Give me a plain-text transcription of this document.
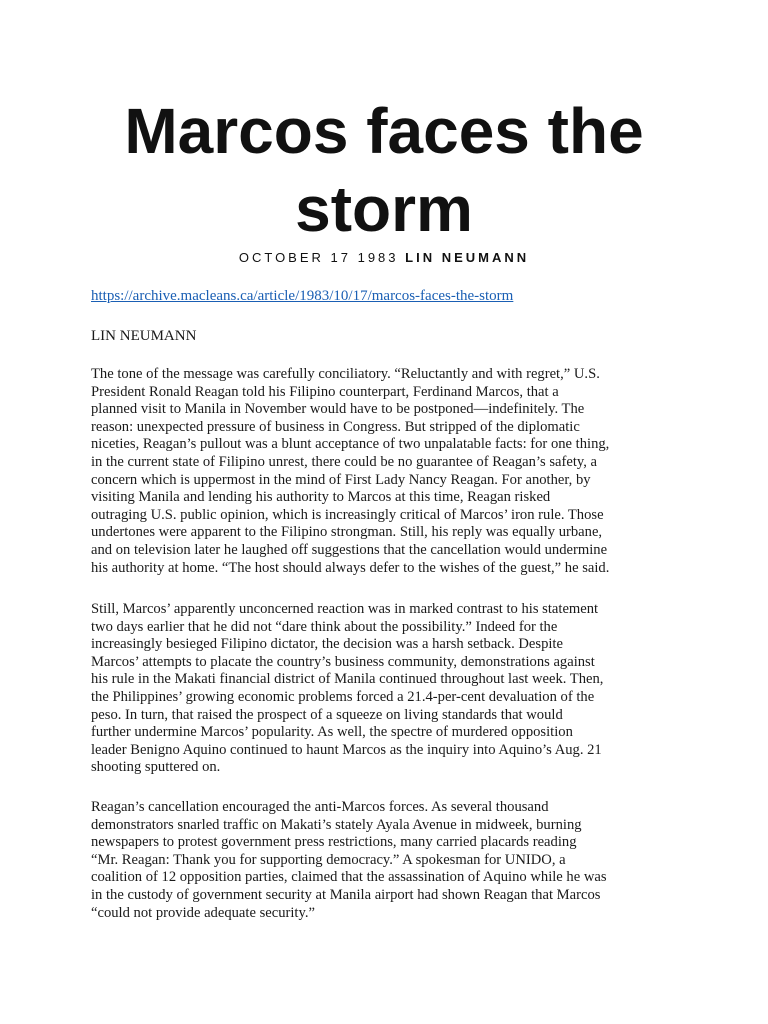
Marcos faces the
storm
OCTOBER 17 1983 LIN NEUMANN
https://archive.macleans.ca/article/1983/10/17/marcos-faces-the-storm
LIN NEUMANN
The tone of the message was carefully conciliatory. “Reluctantly and with regret,” U.S.
President Ronald Reagan told his Filipino counterpart, Ferdinand Marcos, that a
planned visit to Manila in November would have to be postponed—indefinitely. The
reason: unexpected pressure of business in Congress. But stripped of the diplomatic
niceties, Reagan’s pullout was a blunt acceptance of two unpalatable facts: for one thing,
in the current state of Filipino unrest, there could be no guarantee of Reagan’s safety, a
concern which is uppermost in the mind of First Lady Nancy Reagan. For another, by
visiting Manila and lending his authority to Marcos at this time, Reagan risked
outraging U.S. public opinion, which is increasingly critical of Marcos’ iron rule. Those
undertones were apparent to the Filipino strongman. Still, his reply was equally urbane,
and on television later he laughed off suggestions that the cancellation would undermine
his authority at home. “The host should always defer to the wishes of the guest,” he said.
Still, Marcos’ apparently unconcerned reaction was in marked contrast to his statement
two days earlier that he did not “dare think about the possibility.” Indeed for the
increasingly besieged Filipino dictator, the decision was a harsh setback. Despite
Marcos’ attempts to placate the country’s business community, demonstrations against
his rule in the Makati financial district of Manila continued throughout last week. Then,
the Philippines’ growing economic problems forced a 21.4-per-cent devaluation of the
peso. In turn, that raised the prospect of a squeeze on living standards that would
further undermine Marcos’ popularity. As well, the spectre of murdered opposition
leader Benigno Aquino continued to haunt Marcos as the inquiry into Aquino’s Aug. 21
shooting sputtered on.
Reagan’s cancellation encouraged the anti-Marcos forces. As several thousand
demonstrators snarled traffic on Makati’s stately Ayala Avenue in midweek, burning
newspapers to protest government press restrictions, many carried placards reading
“Mr. Reagan: Thank you for supporting democracy.” A spokesman for UNIDO, a
coalition of 12 opposition parties, claimed that the assassination of Aquino while he was
in the custody of government security at Manila airport had shown Reagan that Marcos
“could not provide adequate security.”
